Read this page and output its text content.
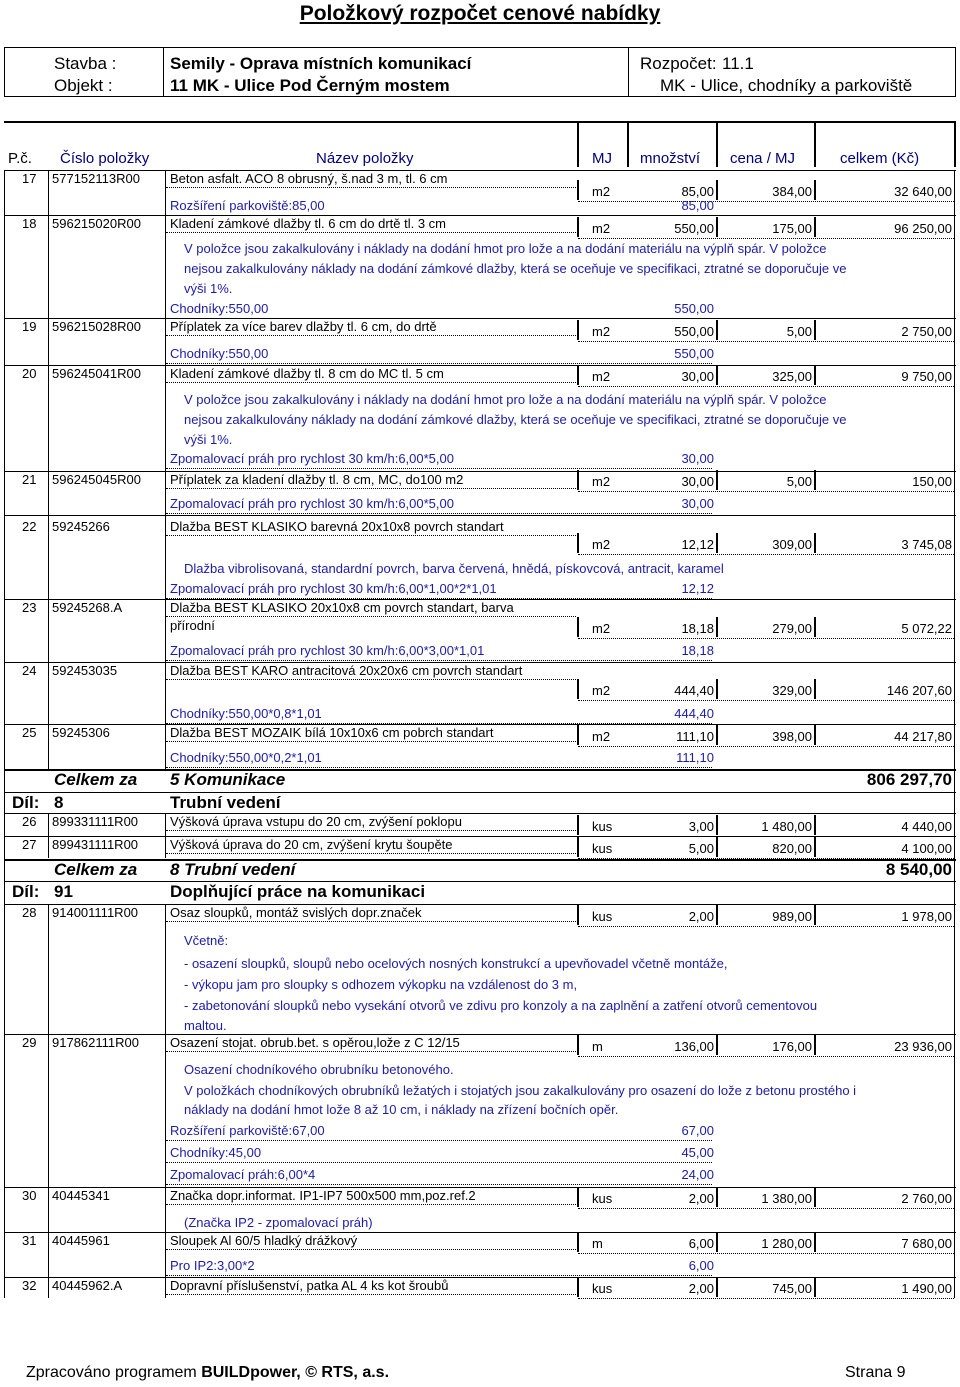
Položkový rozpočet cenové nabídky
Stavba :
Objekt :
Semily - Oprava místních komunikací
11 MK - Ulice Pod Černým mostem
Rozpočet: 11.1
MK - Ulice, chodníky a parkoviště
P.č. Číslo položky	Název položky	MJ množství cena / MJ	celkem (Kč)
17 577152113R00 Beton asfalt. ACO 8 obrusný, š.nad 3 m, tl. 6 cm
m2	85,00	384,00	32 640,00
Rozšíření parkoviště:85,00	85,00
18 596215020R00 Kladení zámkové dlažby tl. 6 cm do drtě tl. 3 cm	m2	550,00	175,00	96 250,00
V položce jsou zakalkulovány i náklady na dodání hmot pro lože a na dodání materiálu na výplň spár. V položce
nejsou zakalkulovány náklady na dodání zámkové dlažby, která se oceňuje ve specifikaci, ztratné se doporučuje ve
výši 1%.
Chodníky:550,00	550,00
19 596215028R00 Příplatek za více barev dlažby tl. 6 cm, do drtě	m2	550,00	5,00	2 750,00
Chodníky:550,00	550,00
20 596245041R00 Kladení zámkové dlažby tl. 8 cm do MC tl. 5 cm	m2	30,00	325,00	9 750,00
V položce jsou zakalkulovány i náklady na dodání hmot pro lože a na dodání materiálu na výplň spár. V položce
nejsou zakalkulovány náklady na dodání zámkové dlažby, která se oceňuje ve specifikaci, ztratné se doporučuje ve
výši 1%.
Zpomalovací práh pro rychlost 30 km/h:6,00*5,00	30,00
21 596245045R00 Příplatek za kladení dlažby tl. 8 cm, MC, do100 m2	m2	30,00	5,00	150,00
Zpomalovací práh pro rychlost 30 km/h:6,00*5,00	30,00
22 59245266	Dlažba BEST KLASIKO barevná 20x10x8 povrch standart
m2	12,12	309,00	3 745,08
Dlažba vibrolisovaná, standardní povrch, barva červená, hnědá, pískovcová, antracit, karamel
Zpomalovací práh pro rychlost 30 km/h:6,00*1,00*2*1,01	12,12
23 59245268.A	Dlažba BEST KLASIKO 20x10x8 cm povrch standart, barva
přírodní	m2	18,18	279,00	5 072,22
Zpomalovací práh pro rychlost 30 km/h:6,00*3,00*1,01	18,18
24 592453035	Dlažba BEST KARO antracitová 20x20x6 cm povrch standart
m2	444,40	329,00	146 207,60
Chodníky:550,00*0,8*1,01	444,40
25 59245306	Dlažba BEST MOZAIK bílá 10x10x6 cm pobrch standart	m2	111,10	398,00	44 217,80
Chodníky:550,00*0,2*1,01	111,10
26 899331111R00 Výšková úprava vstupu do 20 cm, zvýšení poklopu	kus	3,00	1 480,00	4 440,00
27 899431111R00 Výšková úprava do 20 cm, zvýšení krytu šoupěte	kus	5,00	820,00	4 100,00
28 914001111R00 Osaz sloupků, montáž svislých dopr.značek	kus	2,00	989,00	1 978,00
Včetně:
- osazení sloupků, sloupů nebo ocelových nosných konstrukcí a upevňovadel včetně montáže,
- výkopu jam pro sloupky s odhozem výkopku na vzdálenost do 3 m,
- zabetonování sloupků nebo vysekání otvorů ve zdivu pro konzoly a na zaplnění a zatření otvorů cementovou
maltou.
29 917862111R00 Osazení stojat. obrub.bet. s opěrou,lože z C 12/15	m	136,00	176,00	23 936,00
Osazení chodníkového obrubníku betonového.
V položkách chodníkových obrubníků ležatých i stojatých jsou zakalkulovány pro osazení do lože z betonu prostého i
náklady na dodání hmot lože 8 až 10 cm, i náklady na zřízení bočních opěr.
Rozšíření parkoviště:67,00	67,00
Chodníky:45,00	45,00
Zpomalovací práh:6,00*4	24,00
30 40445341	Značka dopr.informat. IP1-IP7 500x500 mm,poz.ref.2	kus	2,00	1 380,00	2 760,00
(Značka IP2 - zpomalovací práh)
31 40445961	Sloupek Al 60/5 hladký drážkový	m	6,00	1 280,00	7 680,00
Pro IP2:3,00*2	6,00
32 40445962.A	Dopravní příslušenství, patka AL 4 ks kot šroubů	kus	2,00	745,00	1 490,00
Celkem za 5 Komunikace	806 297,70
Díl: 8	Trubní vedení
Celkem za 8 Trubní vedení	8 540,00
Díl: 91	Doplňující práce na komunikaci
Zpracováno programem BUILDpower, © RTS, a.s.	Strana 9
